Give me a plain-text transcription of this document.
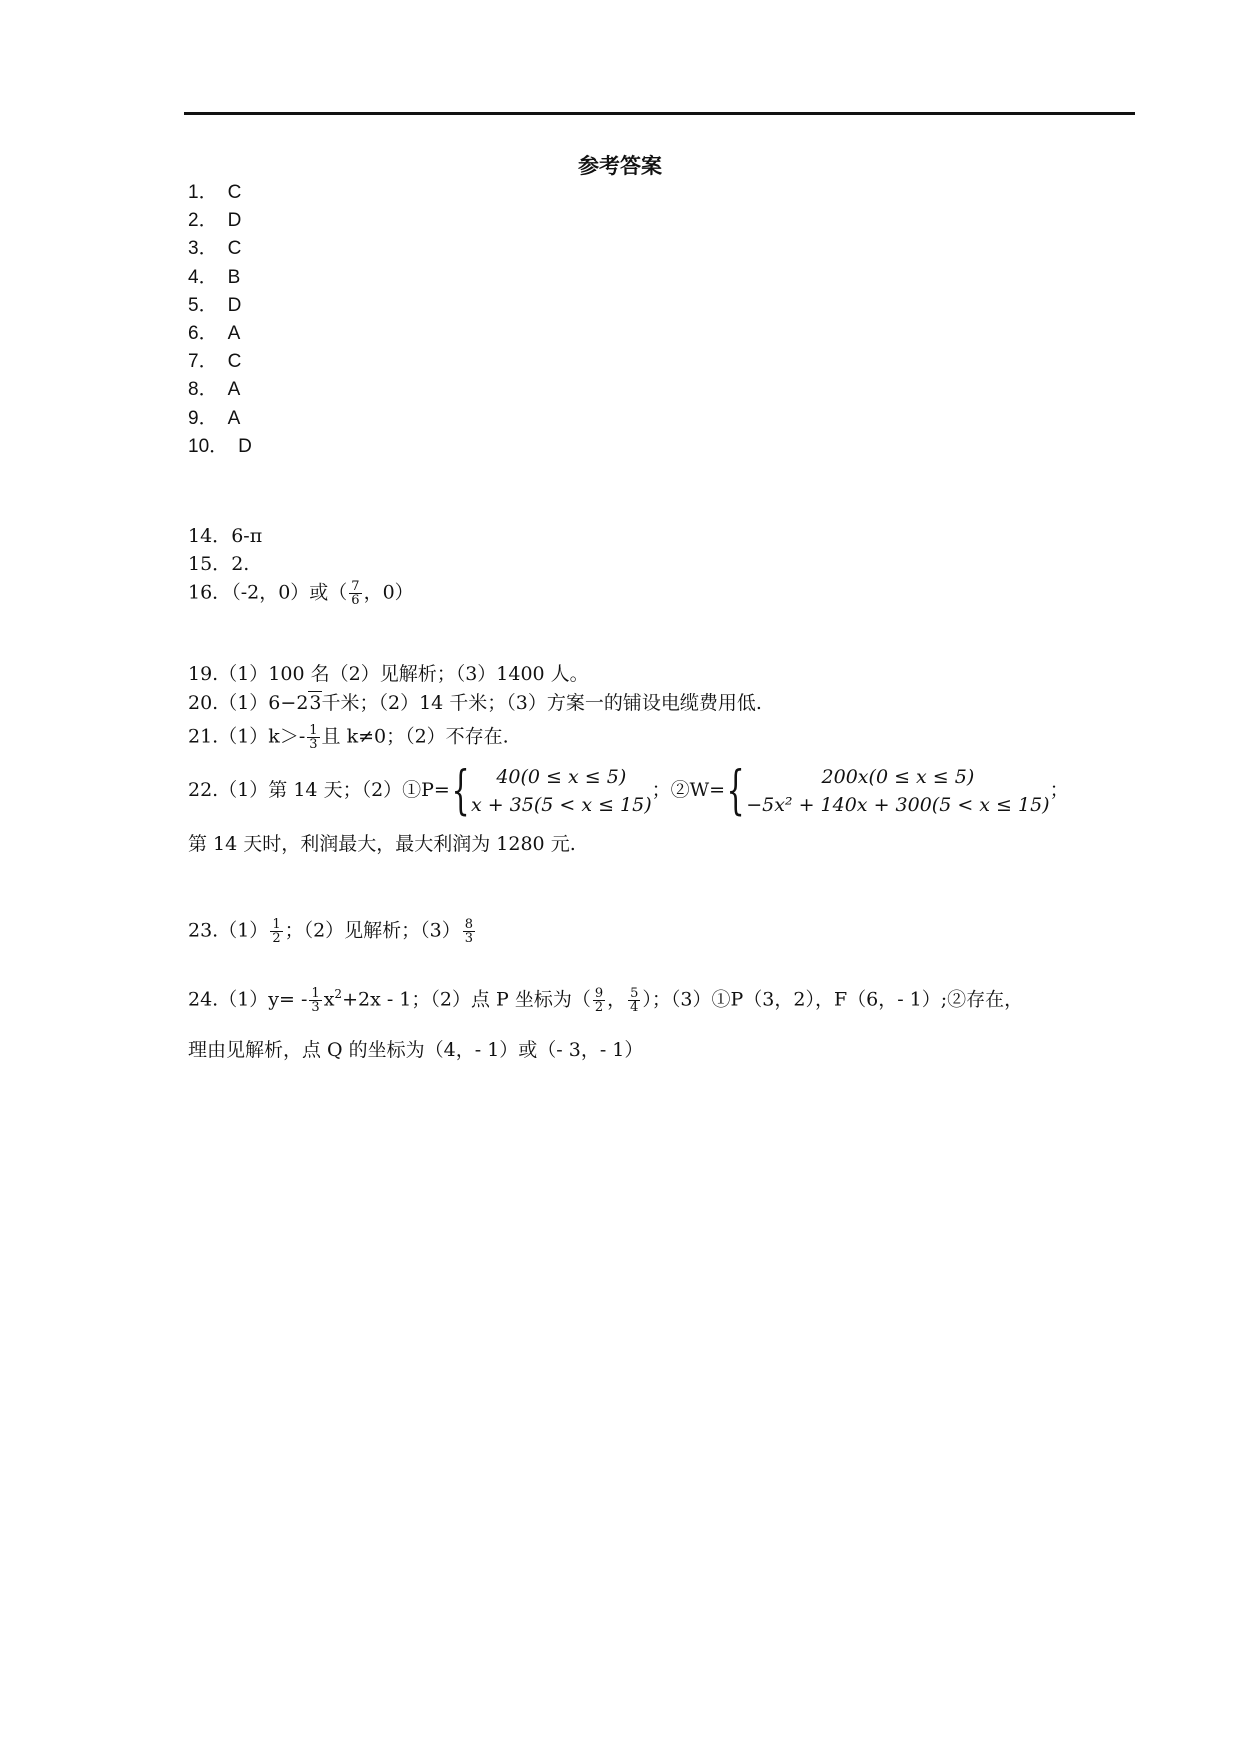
参考答案
1． C
2． D
3． C
4． B
5． D
6． A
7． C
8． A
9． A
10． D
14．6-π
15．2.
16．（-2，0）或（ $\frac{7}{6}$ ，0）
19.（1）100 名（2）见解析；（3）1400 人。
20.（1）6−23千米；（2）14 千米；（3）方案一的铺设电缆费用低.
$21.(1)k>- \frac{1}{3}$ 且 k≠0；（2）不存在.
22.（1）第 14 天；（2）①P= {	40(0 ≤ x ≤ 5)
x + 35(5 < x ≤ 15)
；②W= {	200x(0 ≤ x ≤ 5)
−5x² + 140x + 300(5 < x ≤ 15)
；
第 14 天时，利润最大，最大利润为 1280 元.
$23.(1) \frac{1}{2}$ ；（2）见解析；$(3) \frac{8}{3}$
$24.(1)y= - \frac{1}{3} x^2+2x - 1$；（2）点 P 坐标为（ $\frac{9}{2}$ ， $\frac{5}{4}$ ）；（3）①P（3，2），F（6，- 1）;②存在，
理由见解析，点 Q 的坐标为（4，- 1）或（- 3，- 1）
